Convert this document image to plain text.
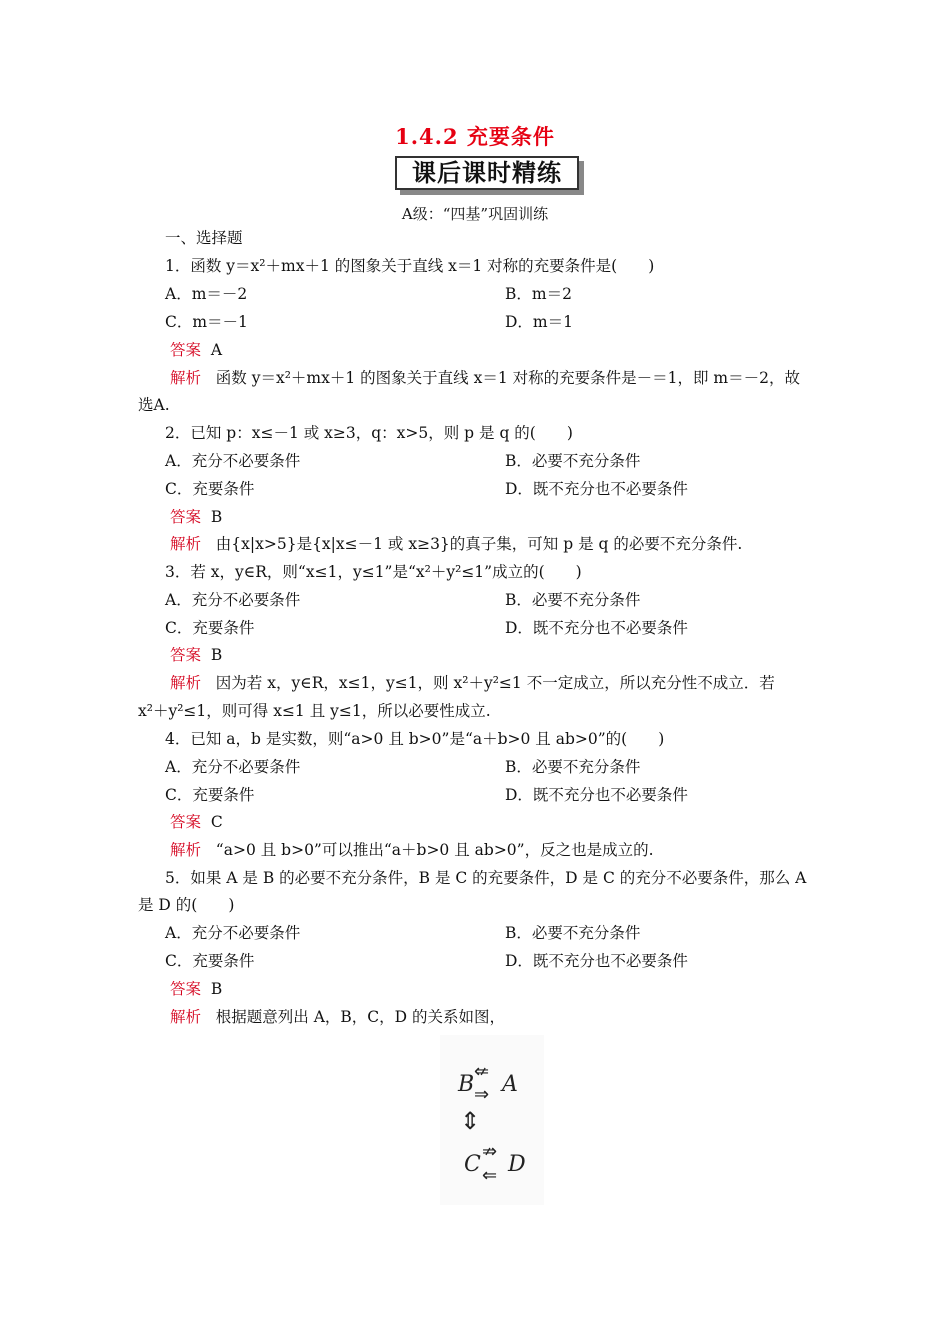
1.4.2 充要条件
课后课时精练
A级：“四基”巩固训练
一、选择题
1．函数 y＝x²＋mx＋1 的图象关于直线 x＝1 对称的充要条件是(　　)
A．m＝－2	B．m＝2
C．m＝－1	D．m＝1
答案 A
解析 函数 y＝x²＋mx＋1 的图象关于直线 x＝1 对称的充要条件是－＝1，即 m＝－2，故
选A.
2．已知 p：x≤－1 或 x≥3，q：x>5，则 p 是 q 的(　　)
A．充分不必要条件	B．必要不充分条件
C．充要条件	D．既不充分也不必要条件
答案 B
解析 由{x|x>5}是{x|x≤－1 或 x≥3}的真子集，可知 p 是 q 的必要不充分条件.
3．若 x，y∈R，则“x≤1，y≤1”是“x²＋y²≤1”成立的(　　)
A．充分不必要条件	B．必要不充分条件
C．充要条件	D．既不充分也不必要条件
答案 B
解析 因为若 x，y∈R，x≤1，y≤1，则 x²＋y²≤1 不一定成立，所以充分性不成立．若
x²＋y²≤1，则可得 x≤1 且 y≤1，所以必要性成立.
4．已知 a，b 是实数，则“a>0 且 b>0”是“a＋b>0 且 ab>0”的(　　)
A．充分不必要条件	B．必要不充分条件
C．充要条件	D．既不充分也不必要条件
答案 C
解析 “a>0 且 b>0”可以推出“a＋b>0 且 ab>0”，反之也是成立的.
5．如果 A 是 B 的必要不充分条件，B 是 C 的充要条件，D 是 C 的充分不必要条件，那么 A
是 D 的(　　)
A．充分不必要条件	B．必要不充分条件
C．充要条件	D．既不充分也不必要条件
答案 B
解析 根据题意列出 A，B，C，D 的关系如图，
B A
⇍
⇒
⇕
C D
⇏
⇐
